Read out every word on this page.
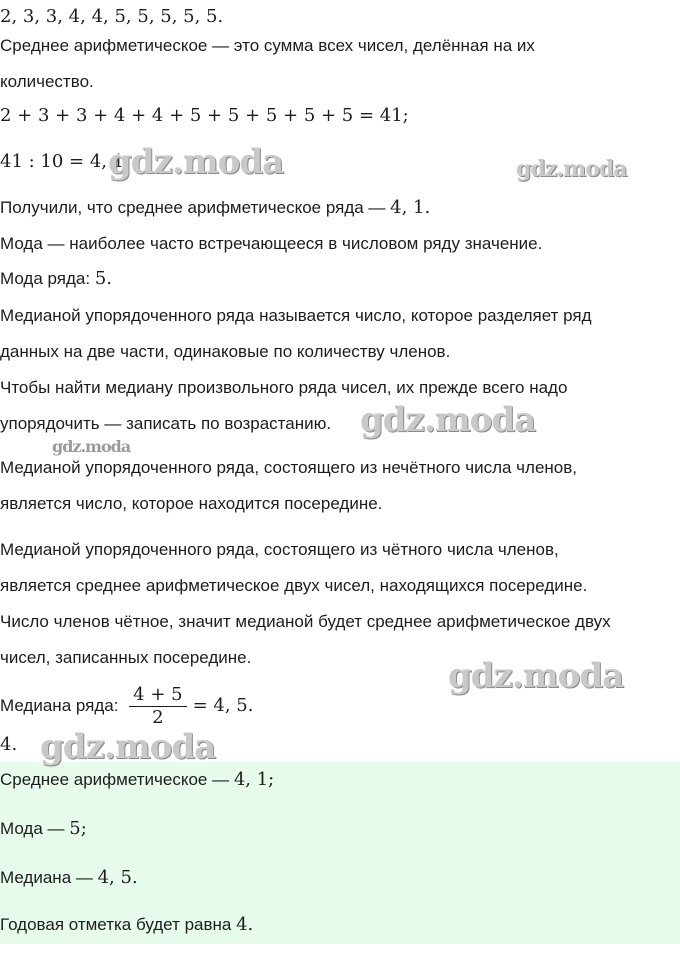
2, 3, 3, 4, 4, 5, 5, 5, 5, 5.
Среднее арифметическое — это сумма всех чисел, делённая на их
количество.
2 + 3 + 3 + 4 + 4 + 5 + 5 + 5 + 5 + 5 = 41;
41 : 10 = 4, 1.
Получили, что среднее арифметическое ряда — 4, 1.
Мода — наиболее часто встречающееся в числовом ряду значение.
Мода ряда: 5.
Медианой упорядоченного ряда называется число, которое разделяет ряд
данных на две части, одинаковые по количеству членов.
Чтобы найти медиану произвольного ряда чисел, их прежде всего надо
упорядочить — записать по возрастанию.
Медианой упорядоченного ряда, состоящего из нечётного числа членов,
является число, которое находится посередине.
Медианой упорядоченного ряда, состоящего из чётного числа членов,
является среднее арифметическое двух чисел, находящихся посередине.
Число членов чётное, значит медианой будет среднее арифметическое двух
чисел, записанных посередине.
Медиана ряда: $\frac{4 + 5}{2} = 4$, 5.
4.
Среднее арифметическое — 4, 1;
Мода — 5;
Медиана — 4, 5.
Годовая отметка будет равна 4.
gdz.moda	gdz.moda
gdz.moda
gdz.moda
gdz.moda
gdz.moda
